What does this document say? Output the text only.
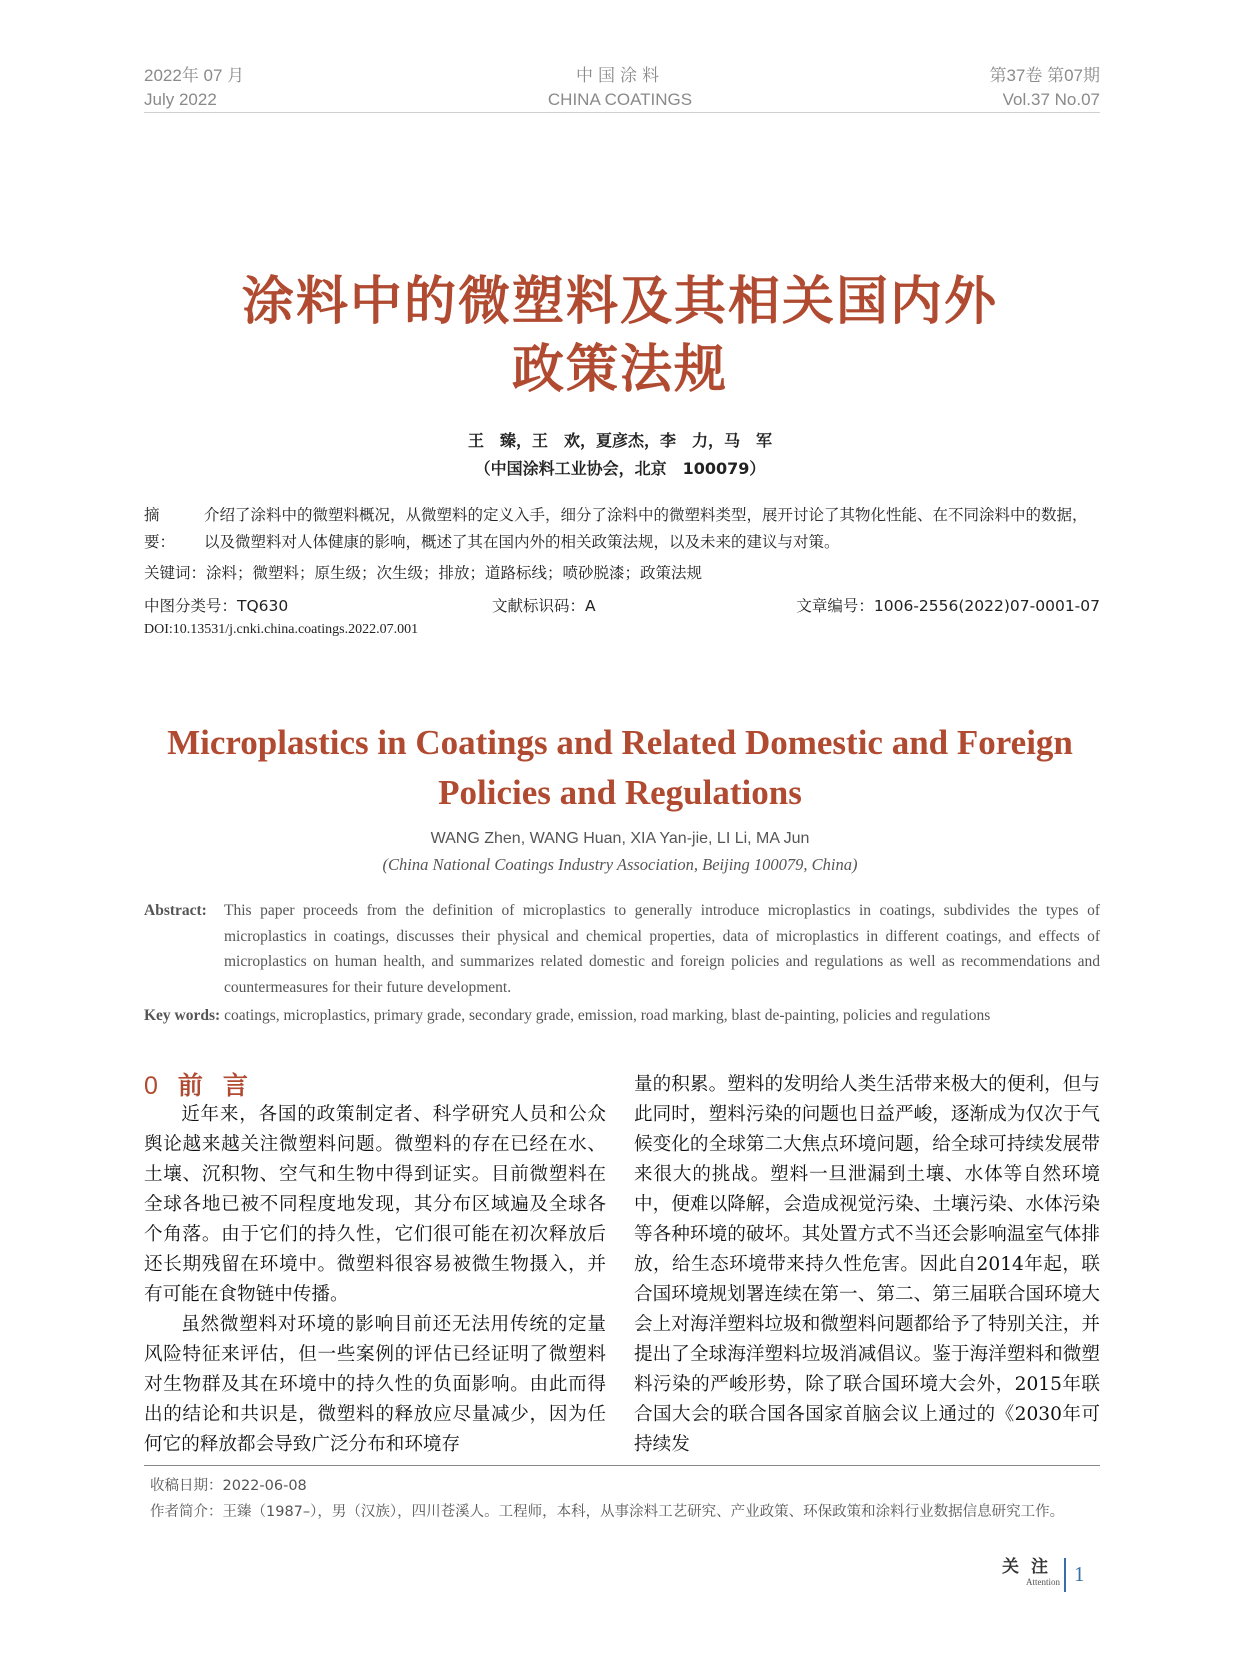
2022年 07 月
July 2022
中国涂料
CHINA COATINGS
第37卷 第07期
Vol.37 No.07
涂料中的微塑料及其相关国内外
政策法规
王　臻，王　欢，夏彦杰，李　力，马　军
（中国涂料工业协会，北京　100079）
摘　要：
介绍了涂料中的微塑料概况，从微塑料的定义入手，细分了涂料中的微塑料类型，展开讨论了其物化性能、在不同涂料中的数据，以及微塑料对人体健康的影响，概述了其在国内外的相关政策法规，以及未来的建议与对策。
关键词：涂料；微塑料；原生级；次生级；排放；道路标线；喷砂脱漆；政策法规
中图分类号：TQ630	文献标识码：A	文章编号：1006-2556(2022)07-0001-07
DOI:10.13531/j.cnki.china.coatings.2022.07.001
Microplastics in Coatings and Related Domestic and Foreign
Policies and Regulations
WANG Zhen, WANG Huan, XIA Yan-jie, LI Li, MA Jun
(China National Coatings Industry Association, Beijing 100079, China)
Abstract: This paper proceeds from the definition of microplastics to generally introduce microplastics in coatings, subdivides the types of microplastics in coatings, discusses their physical and chemical properties, data of microplastics in different coatings, and effects of microplastics on human health, and summarizes related domestic and foreign policies and regulations as well as recommendations and countermeasures for their future development.
Key words: coatings, microplastics, primary grade, secondary grade, emission, road marking, blast de-painting, policies and regulations
0 前言

近年来，各国的政策制定者、科学研究人员和公众舆论越来越关注微塑料问题。微塑料的存在已经在水、土壤、沉积物、空气和生物中得到证实。目前微塑料在全球各地已被不同程度地发现，其分布区域遍及全球各个角落。由于它们的持久性，它们很可能在初次释放后还长期残留在环境中。微塑料很容易被微生物摄入，并有可能在食物链中传播。

虽然微塑料对环境的影响目前还无法用传统的定量风险特征来评估，但一些案例的评估已经证明了微塑料对生物群及其在环境中的持久性的负面影响。由此而得出的结论和共识是，微塑料的释放应尽量减少，因为任何它的释放都会导致广泛分布和环境存

量的积累。塑料的发明给人类生活带来极大的便利，但与此同时，塑料污染的问题也日益严峻，逐渐成为仅次于气候变化的全球第二大焦点环境问题，给全球可持续发展带来很大的挑战。塑料一旦泄漏到土壤、水体等自然环境中，便难以降解，会造成视觉污染、土壤污染、水体污染等各种环境的破坏。其处置方式不当还会影响温室气体排放，给生态环境带来持久性危害。因此自2014年起，联合国环境规划署连续在第一、第二、第三届联合国环境大会上对海洋塑料垃圾和微塑料问题都给予了特别关注，并提出了全球海洋塑料垃圾消减倡议。鉴于海洋塑料和微塑料污染的严峻形势，除了联合国环境大会外，2015年联合国大会的联合国各国家首脑会议上通过的《2030年可持续发

收稿日期：2022-06-08
作者简介：王臻（1987–），男（汉族），四川苍溪人。工程师，本科，从事涂料工艺研究、产业政策、环保政策和涂料行业数据信息研究工作。
关注
Attention 1
